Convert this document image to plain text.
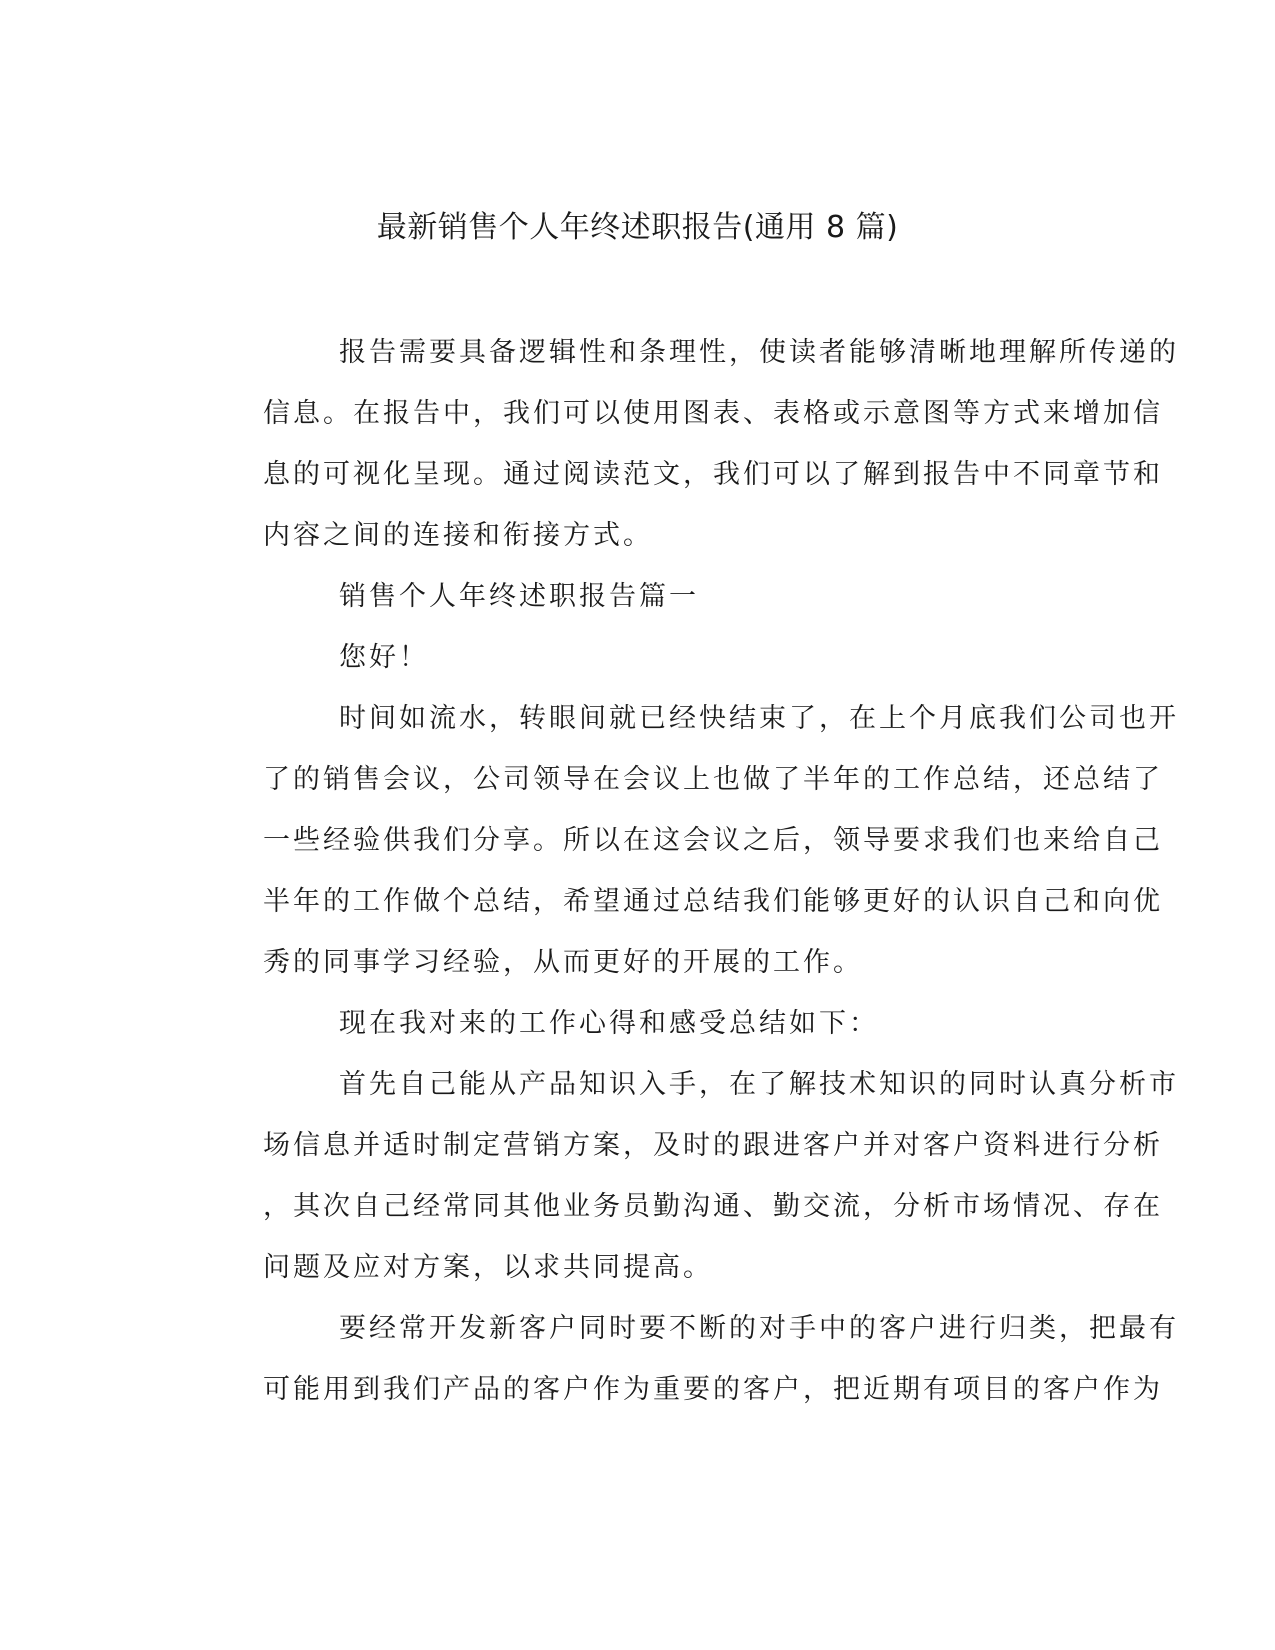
最新销售个人年终述职报告(通用 8 篇)

报告需要具备逻辑性和条理性，使读者能够清晰地理解所传递的
信息。在报告中，我们可以使用图表、表格或示意图等方式来增加信
息的可视化呈现。通过阅读范文，我们可以了解到报告中不同章节和
内容之间的连接和衔接方式。

销售个人年终述职报告篇一

您好！

时间如流水，转眼间就已经快结束了，在上个月底我们公司也开
了的销售会议，公司领导在会议上也做了半年的工作总结，还总结了
一些经验供我们分享。所以在这会议之后，领导要求我们也来给自己
半年的工作做个总结，希望通过总结我们能够更好的认识自己和向优
秀的同事学习经验，从而更好的开展的工作。

现在我对来的工作心得和感受总结如下：

首先自己能从产品知识入手，在了解技术知识的同时认真分析市
场信息并适时制定营销方案，及时的跟进客户并对客户资料进行分析
，其次自己经常同其他业务员勤沟通、勤交流，分析市场情况、存在
问题及应对方案，以求共同提高。

要经常开发新客户同时要不断的对手中的客户进行归类，把最有
可能用到我们产品的客户作为重要的客户，把近期有项目的客户作为
